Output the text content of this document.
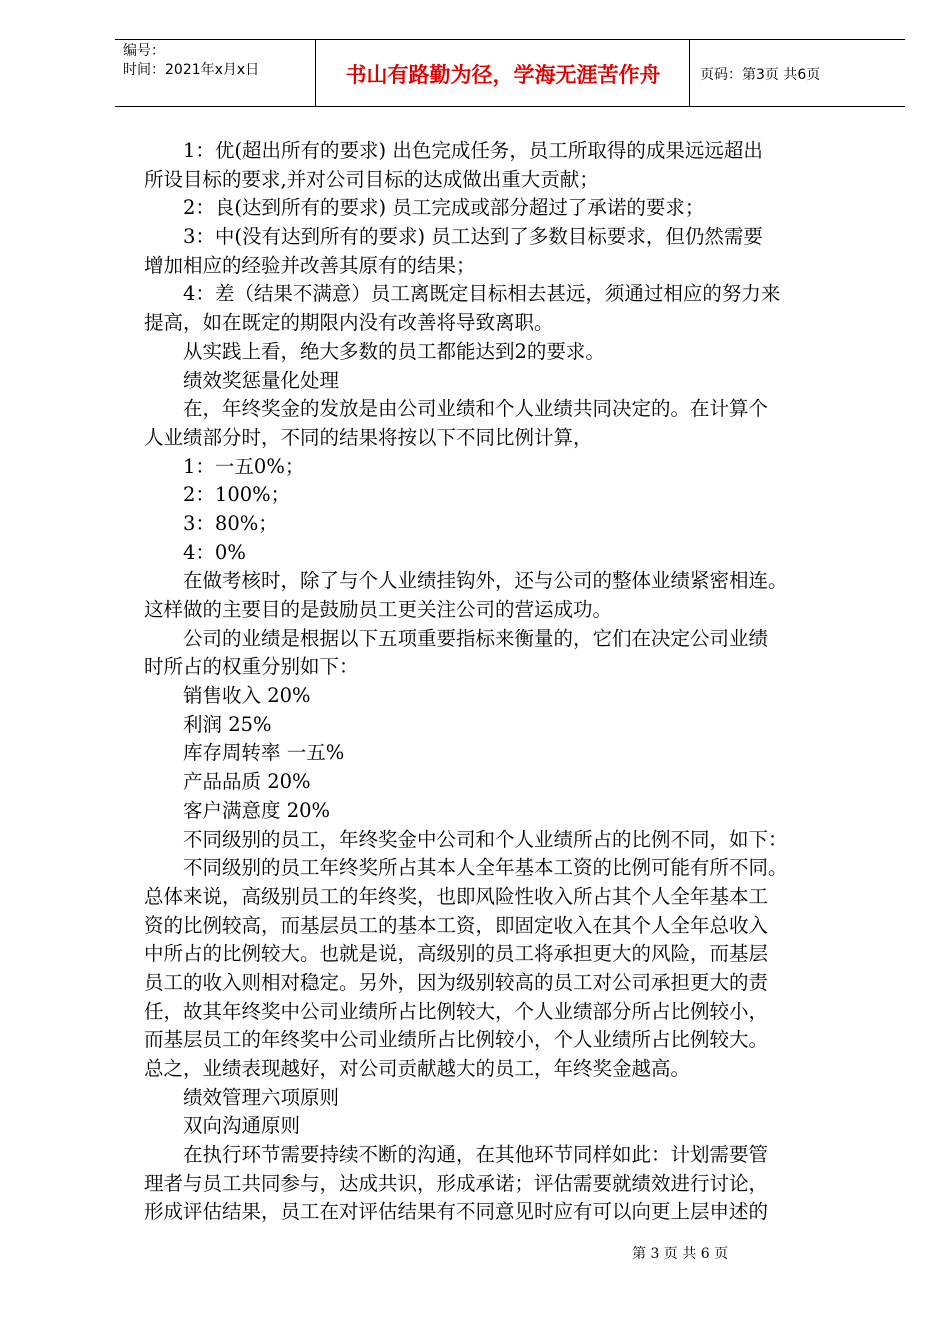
编号：
时间：2021年x月x日	书山有路勤为径，学海无涯苦作舟	页码：第3页 共6页
　　1：优(超出所有的要求) 出色完成任务，员工所取得的成果远远超出
所设目标的要求,并对公司目标的达成做出重大贡献；
　　2：良(达到所有的要求) 员工完成或部分超过了承诺的要求；
　　3：中(没有达到所有的要求) 员工达到了多数目标要求，但仍然需要
增加相应的经验并改善其原有的结果；
　　4：差（结果不满意）员工离既定目标相去甚远，须通过相应的努力来
提高，如在既定的期限内没有改善将导致离职。
　　从实践上看，绝大多数的员工都能达到2的要求。
　　绩效奖惩量化处理
　　在，年终奖金的发放是由公司业绩和个人业绩共同决定的。在计算个
人业绩部分时，不同的结果将按以下不同比例计算，
　　1：一五0%；
　　2：100%；
　　3：80%；
　　4：0%
　　在做考核时，除了与个人业绩挂钩外，还与公司的整体业绩紧密相连。
这样做的主要目的是鼓励员工更关注公司的营运成功。
　　公司的业绩是根据以下五项重要指标来衡量的，它们在决定公司业绩
时所占的权重分别如下：
　　销售收入 20%
　　利润 25%
　　库存周转率 一五%
　　产品品质 20%
　　客户满意度 20%
　　不同级别的员工，年终奖金中公司和个人业绩所占的比例不同，如下：
　　不同级别的员工年终奖所占其本人全年基本工资的比例可能有所不同。
总体来说，高级别员工的年终奖，也即风险性收入所占其个人全年基本工
资的比例较高，而基层员工的基本工资，即固定收入在其个人全年总收入
中所占的比例较大。也就是说，高级别的员工将承担更大的风险，而基层
员工的收入则相对稳定。另外，因为级别较高的员工对公司承担更大的责
任，故其年终奖中公司业绩所占比例较大，个人业绩部分所占比例较小，
而基层员工的年终奖中公司业绩所占比例较小，个人业绩所占比例较大。
总之，业绩表现越好，对公司贡献越大的员工，年终奖金越高。
　　绩效管理六项原则
　　双向沟通原则
　　在执行环节需要持续不断的沟通，在其他环节同样如此：计划需要管
理者与员工共同参与，达成共识，形成承诺；评估需要就绩效进行讨论，
形成评估结果，员工在对评估结果有不同意见时应有可以向更上层申述的
第 3 页 共 6 页
